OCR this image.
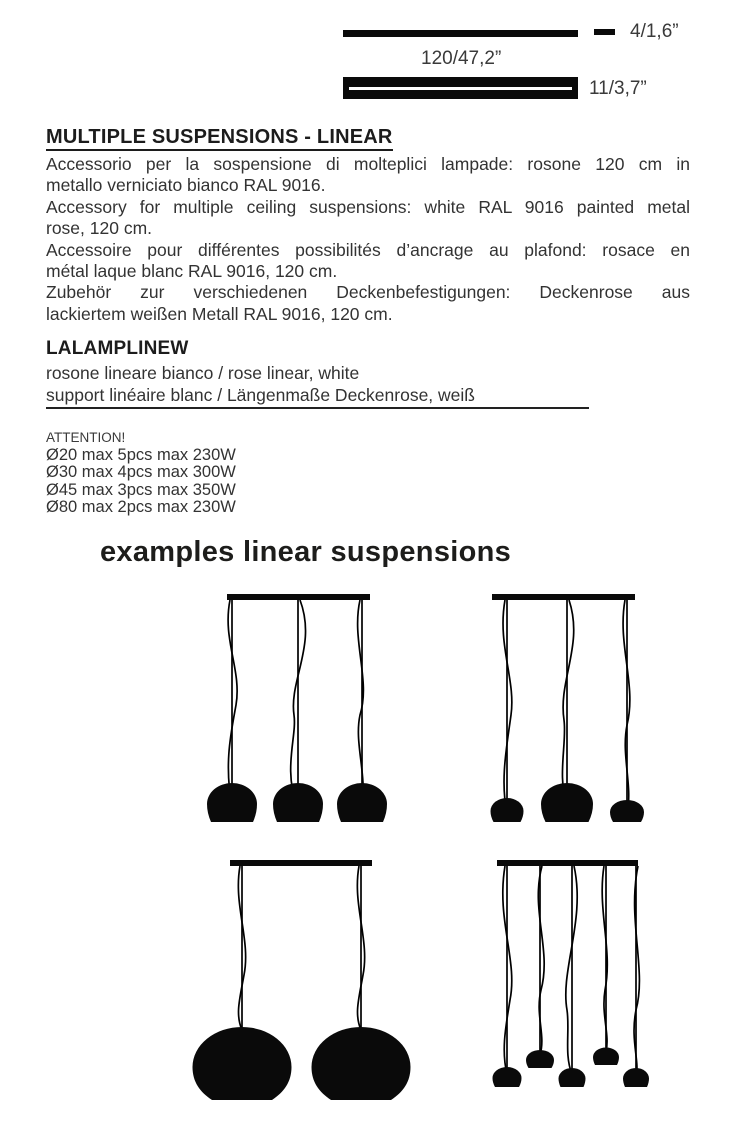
4/1,6”
120/47,2”
11/3,7”
MULTIPLE SUSPENSIONS - LINEAR
Accessorio per la sospensione di molteplici lampade: rosone 120 cm in
metallo verniciato bianco RAL 9016.
Accessory for multiple ceiling suspensions: white RAL 9016 painted metal
rose, 120 cm.
Accessoire pour différentes possibilités d’ancrage au plafond: rosace en
métal laque blanc RAL 9016, 120 cm.
Zubehör zur verschiedenen Deckenbefestigungen: Deckenrose aus
lackiertem weißen Metall RAL 9016, 120 cm.
LALAMPLINEW
rosone lineare bianco / rose linear, white
support linéaire blanc / Längenmaße Deckenrose, weiß
ATTENTION!
Ø20 max 5pcs max 230W
Ø30 max 4pcs max 300W
Ø45 max 3pcs max 350W
Ø80 max 2pcs max 230W
examples linear suspensions
